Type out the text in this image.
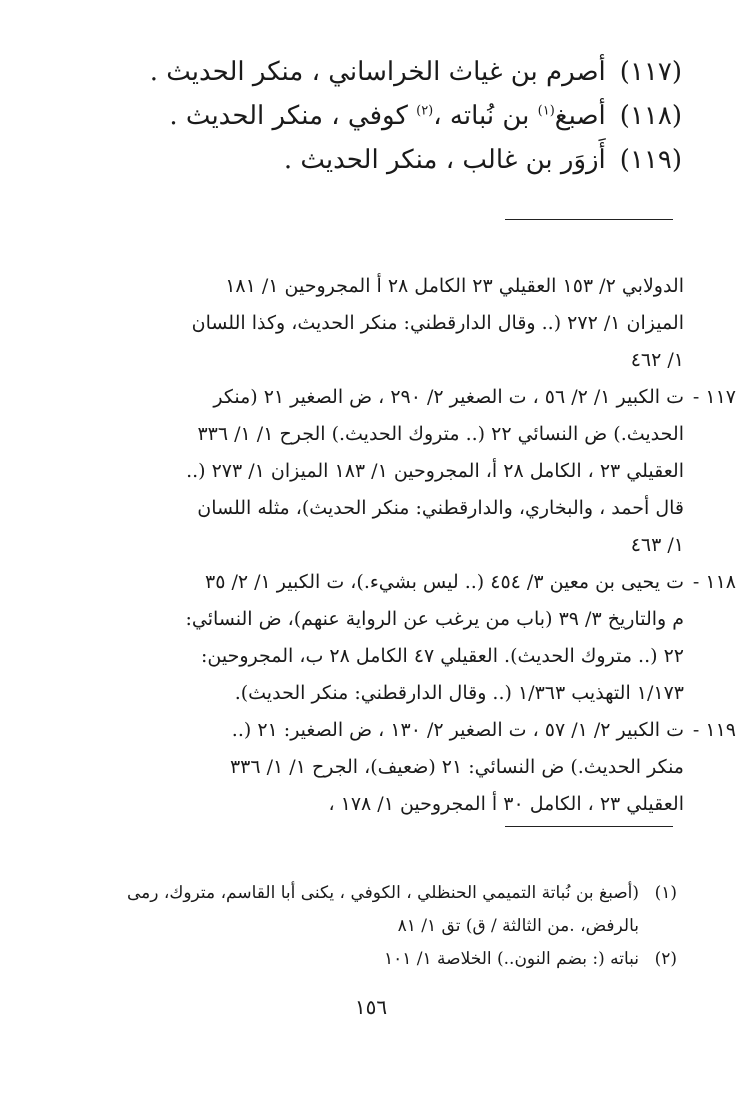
(١١٧)أصرم بن غياث الخراساني ، منكر الحديث .
(١١٨)أصبغ$^{(١)}$ بن نُباته ،$^{(٢)}$ كوفي ، منكر الحديث .
(١١٩)أَزوَر بن غالب ، منكر الحديث .
الدولابي ٢/ ١٥٣ العقيلي ٢٣ الكامل ٢٨ أ المجروحين ١/ ١٨١
الميزان ١/ ٢٧٢ (.. وقال الدارقطني: منكر الحديث، وكذا اللسان
١/ ٤٦٢
١١٧ -
ت الكبير ١/ ٢/ ٥٦ ، ت الصغير ٢/ ٢٩٠ ، ض الصغير ٢١ (منكر
الحديث.) ض النسائي ٢٢ (.. متروك الحديث.) الجرح ١/ ١/ ٣٣٦
العقيلي ٢٣ ، الكامل ٢٨ أ، المجروحين ١/ ١٨٣ الميزان ١/ ٢٧٣ (..
قال أحمد ، والبخاري، والدارقطني: منكر الحديث)، مثله اللسان
١/ ٤٦٣
١١٨ -
ت يحيى بن معين ٣/ ٤٥٤ (.. ليس بشيء.)، ت الكبير ١/ ٢/ ٣٥
م والتاريخ ٣/ ٣٩ (باب من يرغب عن الرواية عنهم)، ض النسائي:
٢٢ (.. متروك الحديث). العقيلي ٤٧ الكامل ٢٨ ب، المجروحين:
١/١٧٣ التهذيب ١/٣٦٣ (.. وقال الدارقطني: منكر الحديث).
١١٩ -
ت الكبير ٢/ ١/ ٥٧ ، ت الصغير ٢/ ١٣٠ ، ض الصغير: ٢١ (..
منكر الحديث.) ض النسائي: ٢١ (ضعيف)، الجرح ١/ ١/ ٣٣٦
العقيلي ٢٣ ، الكامل ٣٠ أ المجروحين ١/ ١٧٨ ،
(١)
(أصبغ بن نُباتة التميمي الحنظلي ، الكوفي ، يكنى أبا القاسم، متروك، رمى
بالرفض، .من الثالثة / ق) تق ١/ ٨١
(٢)
نباته (: بضم النون..) الخلاصة ١/ ١٠١
١٥٦
